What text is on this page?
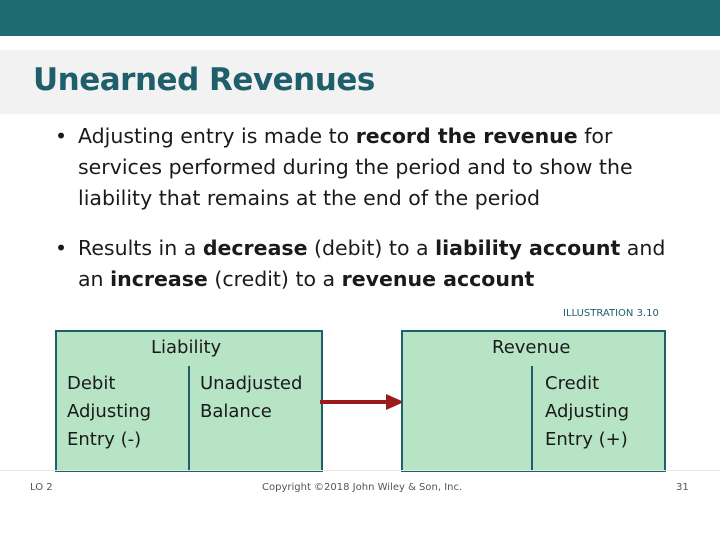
Unearned Revenues
• Adjusting entry is made to record the revenue for services performed during the period and to show the liability that remains at the end of the period
• Results in a decrease (debit) to a liability account and an increase (credit) to a revenue account
ILLUSTRATION 3.10
Liability
Debit
Adjusting
Entry (-)
Unadjusted
Balance
Revenue
Credit
Adjusting
Entry (+)
LO 2	Copyright ©2018 John Wiley & Son, Inc.	31
